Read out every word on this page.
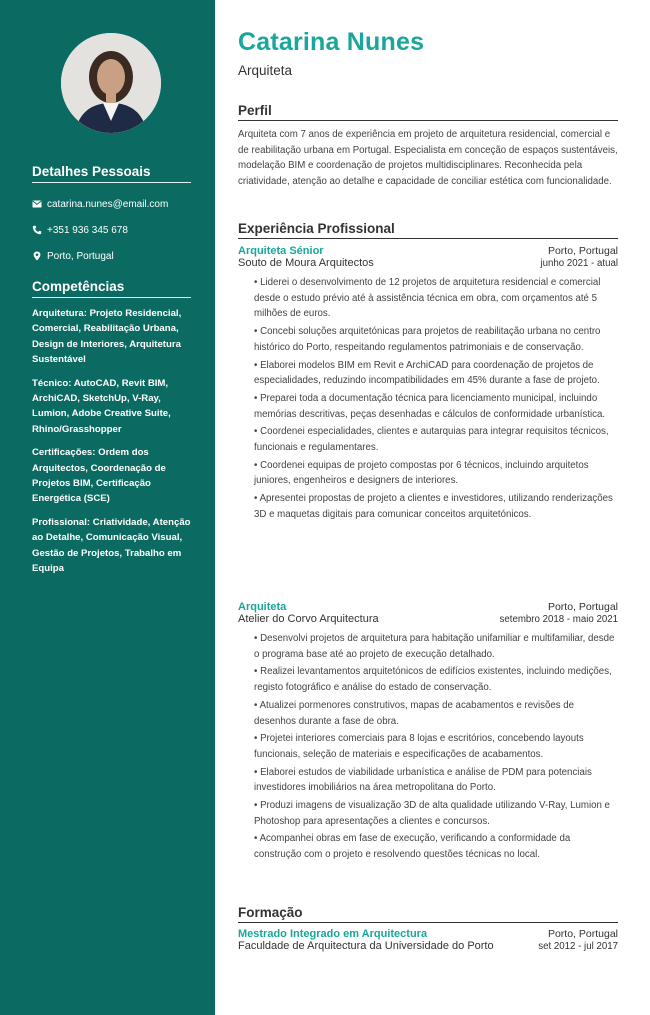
Detalhes Pessoais
catarina.nunes@email.com
+351 936 345 678
Porto, Portugal
Competências
Arquitetura: Projeto Residencial, Comercial, Reabilitação Urbana, Design de Interiores, Arquitetura Sustentável
Técnico: AutoCAD, Revit BIM, ArchiCAD, SketchUp, V-Ray, Lumion, Adobe Creative Suite, Rhino/Grasshopper
Certificações: Ordem dos Arquitectos, Coordenação de Projetos BIM, Certificação Energética (SCE)
Profissional: Criatividade, Atenção ao Detalhe, Comunicação Visual, Gestão de Projetos, Trabalho em Equipa
Catarina Nunes
Arquiteta
Perfil
Arquiteta com 7 anos de experiência em projeto de arquitetura residencial, comercial e de reabilitação urbana em Portugal. Especialista em conceção de espaços sustentáveis, modelação BIM e coordenação de projetos multidisciplinares. Reconhecida pela criatividade, atenção ao detalhe e capacidade de conciliar estética com funcionalidade.
Experiência Profissional
Arquiteta Sénior	Porto, Portugal
Souto de Moura Arquitectos	junho 2021 - atual
• Liderei o desenvolvimento de 12 projetos de arquitetura residencial e comercial desde o estudo prévio até à assistência técnica em obra, com orçamentos até 5 milhões de euros.
• Concebi soluções arquitetónicas para projetos de reabilitação urbana no centro histórico do Porto, respeitando regulamentos patrimoniais e de conservação.
• Elaborei modelos BIM em Revit e ArchiCAD para coordenação de projetos de especialidades, reduzindo incompatibilidades em 45% durante a fase de projeto.
• Preparei toda a documentação técnica para licenciamento municipal, incluindo memórias descritivas, peças desenhadas e cálculos de conformidade urbanística.
• Coordenei especialidades, clientes e autarquias para integrar requisitos técnicos, funcionais e regulamentares.
• Coordenei equipas de projeto compostas por 6 técnicos, incluindo arquitetos juniores, engenheiros e designers de interiores.
• Apresentei propostas de projeto a clientes e investidores, utilizando renderizações 3D e maquetas digitais para comunicar conceitos arquitetónicos.
Arquiteta	Porto, Portugal
Atelier do Corvo Arquitectura	setembro 2018 - maio 2021
• Desenvolvi projetos de arquitetura para habitação unifamiliar e multifamiliar, desde o programa base até ao projeto de execução detalhado.
• Realizei levantamentos arquitetónicos de edifícios existentes, incluindo medições, registo fotográfico e análise do estado de conservação.
• Atualizei pormenores construtivos, mapas de acabamentos e revisões de desenhos durante a fase de obra.
• Projetei interiores comerciais para 8 lojas e escritórios, concebendo layouts funcionais, seleção de materiais e especificações de acabamentos.
• Elaborei estudos de viabilidade urbanística e análise de PDM para potenciais investidores imobiliários na área metropolitana do Porto.
• Produzi imagens de visualização 3D de alta qualidade utilizando V-Ray, Lumion e Photoshop para apresentações a clientes e concursos.
• Acompanhei obras em fase de execução, verificando a conformidade da construção com o projeto e resolvendo questões técnicas no local.
Formação
Mestrado Integrado em Arquitectura	Porto, Portugal
Faculdade de Arquitectura da Universidade do Porto	set 2012 - jul 2017
